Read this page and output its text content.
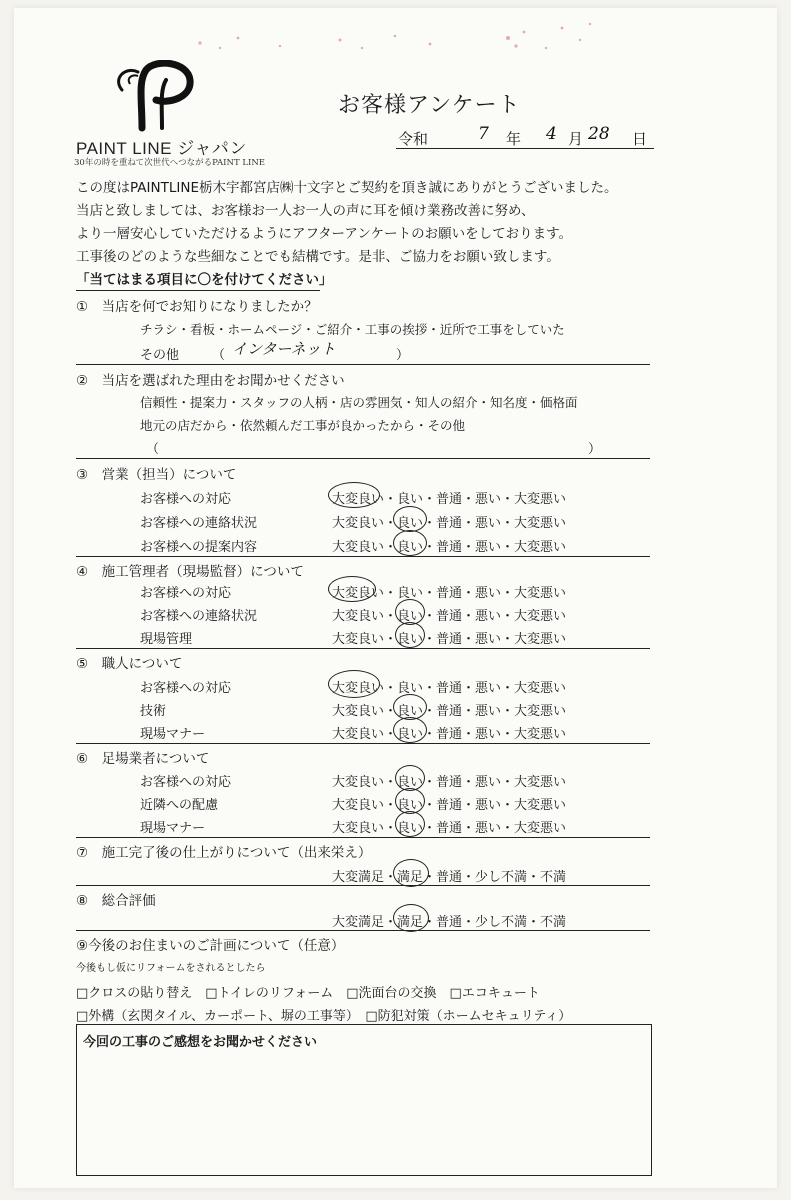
PAINT LINE ジャパン
30年の時を重ねて次世代へつながるPAINT LINE
お客様アンケート
令和	7 年 4 月 28 日
この度はPAINTLINE栃木宇都宮店㈱十文字とご契約を頂き誠にありがとうございました。
当店と致しましては、お客様お一人お一人の声に耳を傾け業務改善に努め、
より一層安心していただけるようにアフターアンケートのお願いをしております。
工事後のどのような些細なことでも結構です。是非、ご協力をお願い致します。
「当てはまる項目に〇を付けてください」
①　当店を何でお知りになりましたか？
チラシ・看板・ホームページ・ご紹介・工事の挨拶・近所で工事をしていた
その他	（ インターネット	）
②　当店を選ばれた理由をお聞かせください
信頼性・提案力・スタッフの人柄・店の雰囲気・知人の紹介・知名度・価格面
地元の店だから・依然頼んだ工事が良かったから・その他
（	）
③　営業（担当）について
お客様への対応	大変良い・良い・普通・悪い・大変悪い
お客様への連絡状況	大変良い・良い・普通・悪い・大変悪い
お客様への提案内容	大変良い・良い・普通・悪い・大変悪い
④　施工管理者（現場監督）について
お客様への対応	大変良い・良い・普通・悪い・大変悪い
お客様への連絡状況	大変良い・良い・普通・悪い・大変悪い
現場管理	大変良い・良い・普通・悪い・大変悪い
⑤　職人について
お客様への対応	大変良い・良い・普通・悪い・大変悪い
技術	大変良い・良い・普通・悪い・大変悪い
現場マナー	大変良い・良い・普通・悪い・大変悪い
⑥　足場業者について
お客様への対応	大変良い・良い・普通・悪い・大変悪い
近隣への配慮	大変良い・良い・普通・悪い・大変悪い
現場マナー	大変良い・良い・普通・悪い・大変悪い
⑦　施工完了後の仕上がりについて（出来栄え）
大変満足・満足・普通・少し不満・不満
⑧　総合評価
大変満足・満足・普通・少し不満・不満
⑨今後のお住まいのご計画について（任意）
今後もし仮にリフォームをされるとしたら
□クロスの貼り替え　□トイレのリフォーム　□洗面台の交換　□エコキュート
□外構（玄関タイル、カーポート、塀の工事等）　□防犯対策（ホームセキュリティ）
今回の工事のご感想をお聞かせください
